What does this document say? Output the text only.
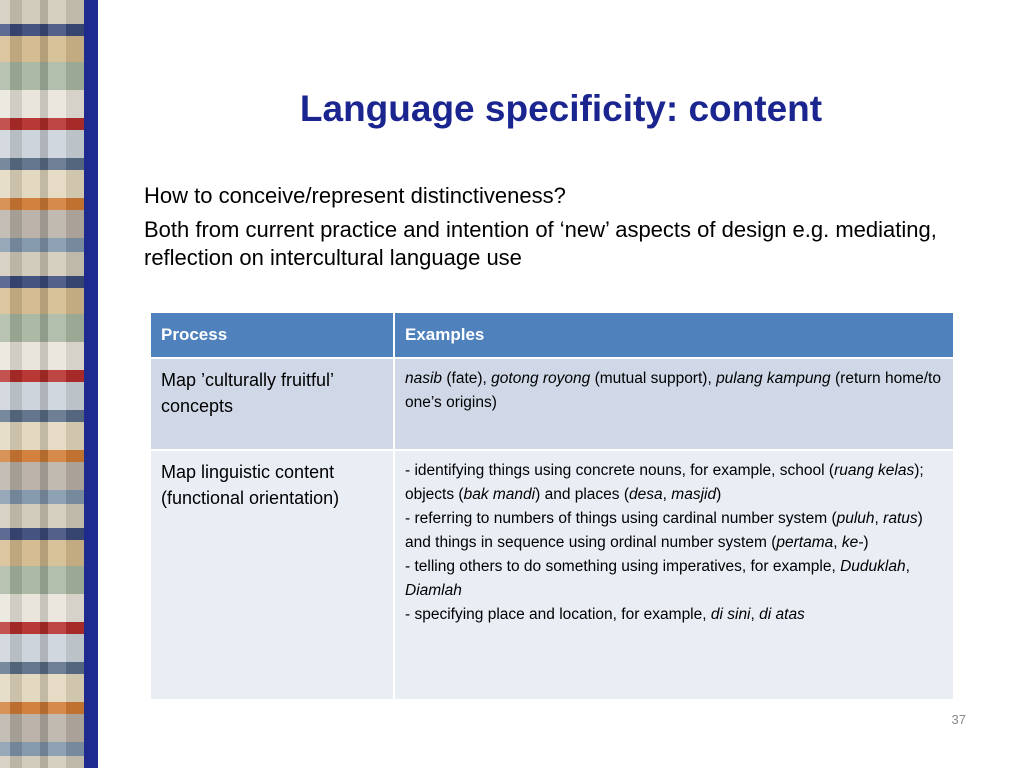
Language specificity: content

How to conceive/represent distinctiveness?

Both from current practice and intention of ‘new’ aspects of design e.g. mediating, reflection on intercultural language use

Process	Examples
Map ’culturally fruitful’ concepts	nasib (fate), gotong royong (mutual support), pulang kampung (return home/to one’s origins)

Map linguistic content (functional orientation)	- identifying things using concrete nouns, for example, school (ruang kelas); objects (bak mandi) and places (desa, masjid)
- referring to numbers of things using cardinal number system (puluh, ratus) and things in sequence using ordinal number system (pertama, ke-)
- telling others to do something using imperatives, for example, Duduklah, Diamlah
- specifying place and location, for example, di sini, di atas
37
